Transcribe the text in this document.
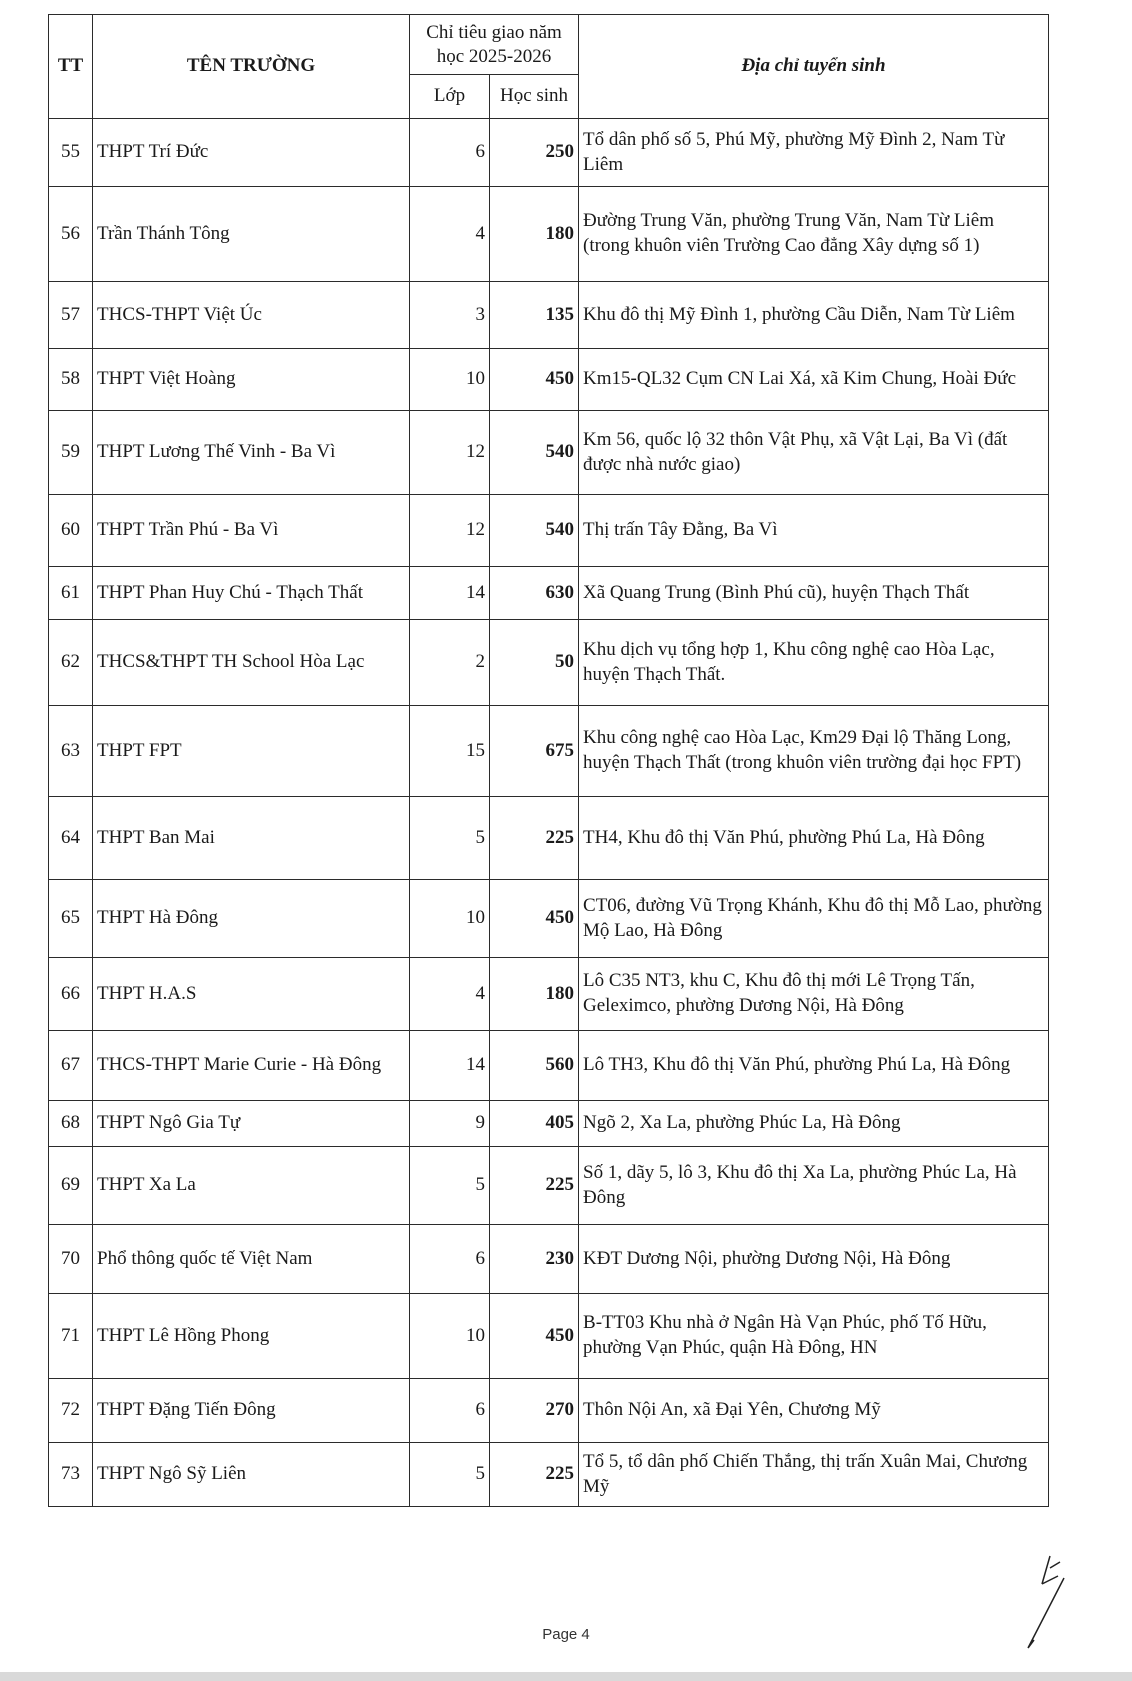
TT	TÊN TRƯỜNG	Chỉ tiêu giao năm học 2025-2026		Địa chỉ tuyển sinh
		Lớp	Học sinh	
55	THPT Trí Đức	6	250	Tổ dân phố số 5, Phú Mỹ, phường Mỹ Đình 2, Nam Từ Liêm
56	Trần Thánh Tông	4	180	Đường Trung Văn, phường Trung Văn, Nam Từ Liêm (trong khuôn viên Trường Cao đẳng Xây dựng số 1)
57	THCS-THPT Việt Úc	3	135	Khu đô thị Mỹ Đình 1, phường Cầu Diễn, Nam Từ Liêm
58	THPT Việt Hoàng	10	450	Km15-QL32 Cụm CN Lai Xá, xã Kim Chung, Hoài Đức
59	THPT Lương Thế Vinh - Ba Vì	12	540	Km 56, quốc lộ 32 thôn Vật Phụ, xã Vật Lại, Ba Vì (đất được nhà nước giao)
60	THPT Trần Phú - Ba Vì	12	540	Thị trấn Tây Đằng, Ba Vì
61	THPT Phan Huy Chú - Thạch Thất	14	630	Xã Quang Trung (Bình Phú cũ), huyện Thạch Thất
62	THCS&THPT TH School Hòa Lạc	2	50	Khu dịch vụ tổng hợp 1, Khu công nghệ cao Hòa Lạc, huyện Thạch Thất.
63	THPT FPT	15	675	Khu công nghệ cao Hòa Lạc, Km29 Đại lộ Thăng Long, huyện Thạch Thất (trong khuôn viên trường đại học FPT)
64	THPT Ban Mai	5	225	TH4, Khu đô thị Văn Phú, phường Phú La, Hà Đông
65	THPT Hà Đông	10	450	CT06, đường Vũ Trọng Khánh, Khu đô thị Mỗ Lao, phường Mộ Lao, Hà Đông
66	THPT H.A.S	4	180	Lô C35 NT3, khu C, Khu đô thị mới Lê Trọng Tấn, Geleximco, phường Dương Nội, Hà Đông
67	THCS-THPT Marie Curie - Hà Đông	14	560	Lô TH3, Khu đô thị Văn Phú, phường Phú La, Hà Đông
68	THPT Ngô Gia Tự	9	405	Ngõ 2, Xa La, phường Phúc La, Hà Đông
69	THPT Xa La	5	225	Số 1, dãy 5, lô 3, Khu đô thị Xa La, phường Phúc La, Hà Đông
70	Phổ thông quốc tế Việt Nam	6	230	KĐT Dương Nội, phường Dương Nội, Hà Đông
71	THPT Lê Hồng Phong	10	450	B-TT03 Khu nhà ở Ngân Hà Vạn Phúc, phố Tố Hữu, phường Vạn Phúc, quận Hà Đông, HN
72	THPT Đặng Tiến Đông	6	270	Thôn Nội An, xã Đại Yên, Chương Mỹ
73	THPT Ngô Sỹ Liên	5	225	Tổ 5, tổ dân phố Chiến Thắng, thị trấn Xuân Mai, Chương Mỹ
Page 4
